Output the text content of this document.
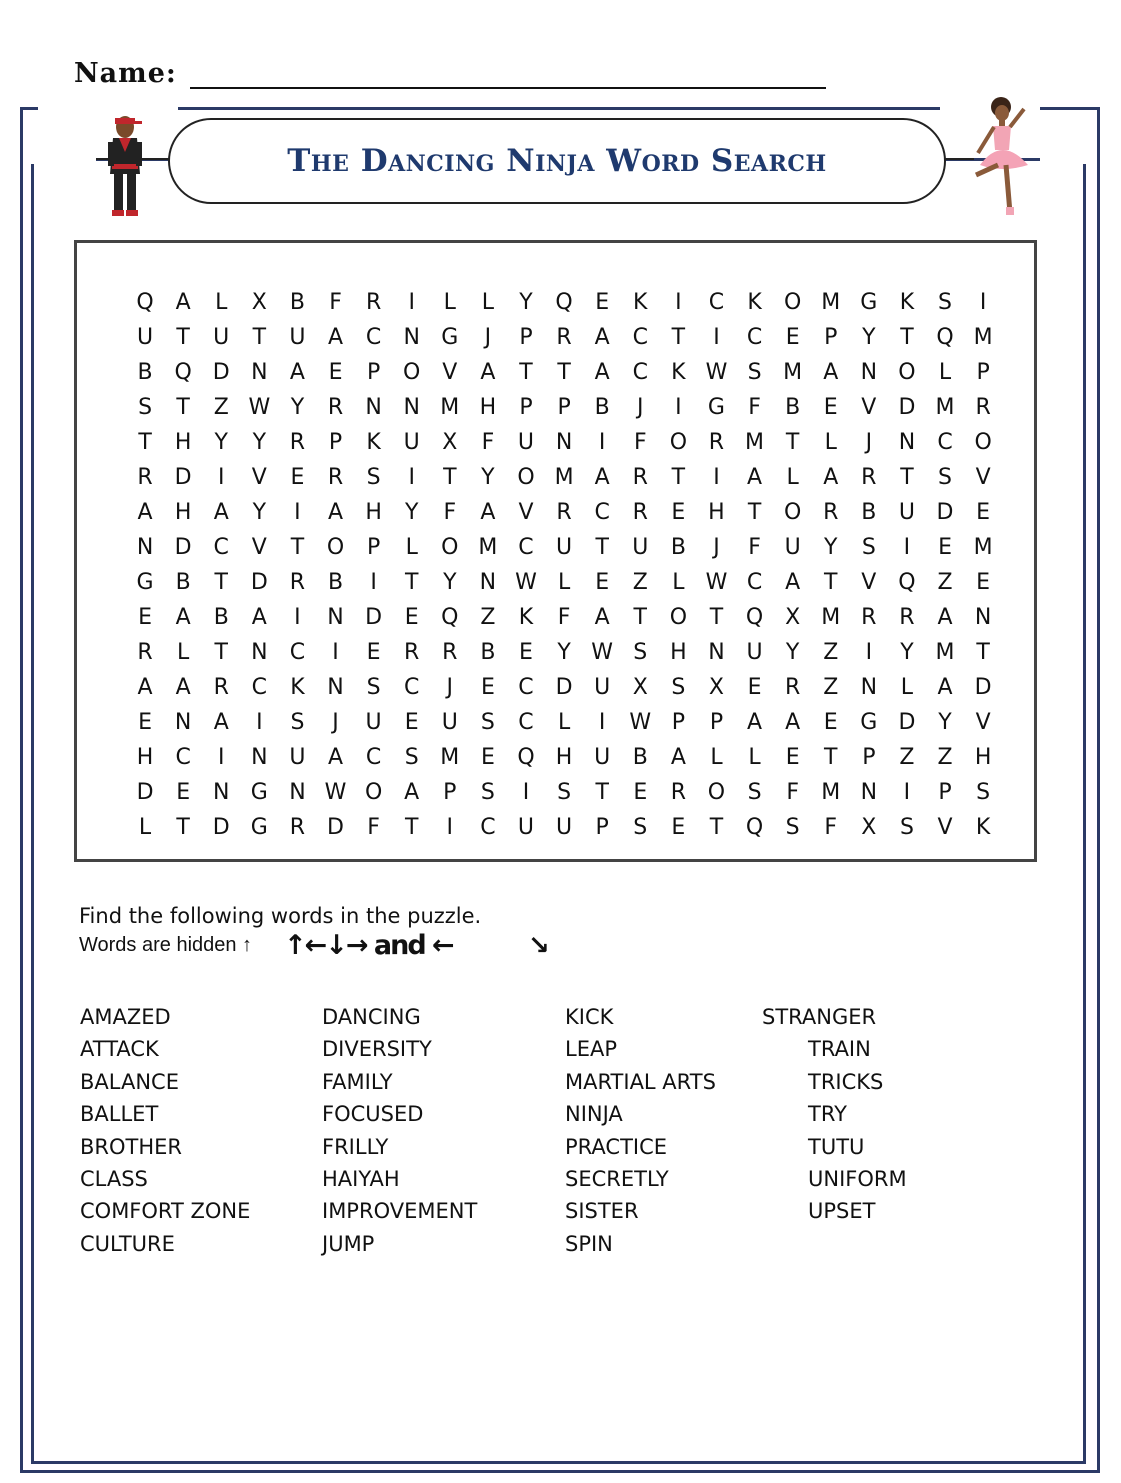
Name:
The Dancing Ninja Word Search
Q A	L	X	B	F	R	I	L	L	Y	Q	E	K	I	C	K	O M G	K	S	I
U	T	U	T	U	A	C	N G	J	P	R	A	C	T	I	C	E	P	Y	T	Q M
B Q D N	A	E	P	O V	A	T	T	A	C	K W S M A	N O	L	P
S	T	Z W Y	R	N N M H	P	P	B	J	I	G	F	B	E	V	D M R
T	H	Y	Y	R	P	K	U	X	F	U N	I	F	O R M T	L	J	N	C O
R D	I	V	E	R	S	I	T	Y	O M A	R	T	I	A	L	A	R	T	S	V
A	H	A	Y	I	A	H	Y	F	A	V	R	C	R	E	H	T	O R	B	U D	E
N D C	V	T	O	P	L	O M C	U	T	U	B	J	F	U	Y	S	I	E M
G	B	T	D R	B	I	T	Y	N W L	E	Z	L W C	A	T	V Q Z	E
E	A	B	A	I	N D	E	Q Z	K	F	A	T	O	T	Q X M R	R	A	N
R	L	T	N	C	I	E	R	R	B	E	Y W S	H N U	Y	Z	I	Y M T
A	A	R	C	K	N	S	C	J	E	C D U	X	S	X	E	R	Z	N	L	A	D
E	N	A	I	S	J	U	E	U	S	C	L	I	W P	P	A	A	E	G D	Y	V
H	C	I	N U	A	C	S M E	Q H U	B	A	L	L	E	T	P	Z	Z	H
D	E	N G N W O A	P	S	I	S	T	E	R O	S	F	M N	I	P	S
L	T	D G R D	F	T	I	C	U U	P	S	E	T	Q	S	F	X	S	V	K
Find the following words in the puzzle.
Words are hidden ↑ ↑←↓→ and ←	↘
AMAZED
ATTACK
BALANCE
BALLET
BROTHER
CLASS
COMFORT ZONE
CULTURE
DANCING
DIVERSITY
FAMILY
FOCUSED
FRILLY
HAIYAH
IMPROVEMENT
JUMP
KICK
LEAP
MARTIAL ARTS
NINJA
PRACTICE
SECRETLY
SISTER
SPIN
STRANGER
TRAIN
TRICKS
TRY
TUTU
UNIFORM
UPSET
